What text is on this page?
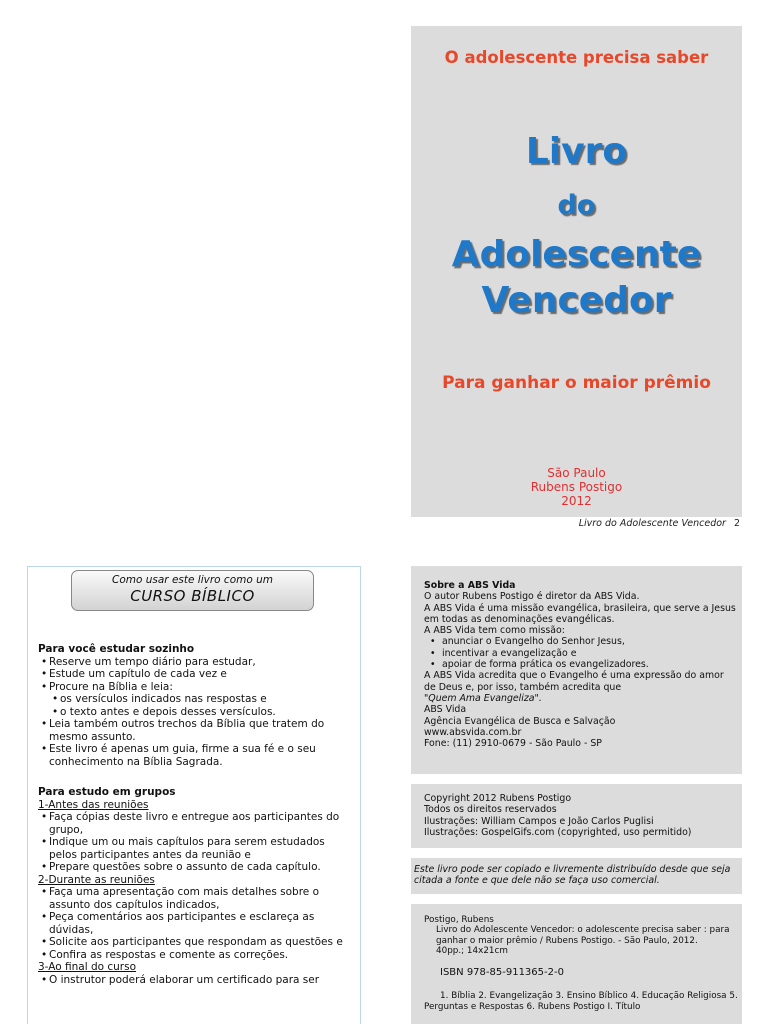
O adolescente precisa saber
Livro
do
Adolescente
Vencedor
Para ganhar o maior prêmio
São Paulo
Rubens Postigo
2012
Livro do Adolescente Vencedor 2
Como usar este livro como um
CURSO BÍBLICO
Para você estudar sozinho
• Reserve um tempo diário para estudar,
• Estude um capítulo de cada vez e
• Procure na Bíblia e leia:
• os versículos indicados nas respostas e
• o texto antes e depois desses versículos.
• Leia também outros trechos da Bíblia que tratem do mesmo assunto.
• Este livro é apenas um guia, firme a sua fé e o seu conhecimento na Bíblia Sagrada.
Para estudo em grupos
1-Antes das reuniões
• Faça cópias deste livro e entregue aos participantes do grupo,
• Indique um ou mais capítulos para serem estudados pelos participantes antes da reunião e
• Prepare questões sobre o assunto de cada capítulo.
2-Durante as reuniões
• Faça uma apresentação com mais detalhes sobre o assunto dos capítulos indicados,
• Peça comentários aos participantes e esclareça as dúvidas,
• Solicite aos participantes que respondam as questões e
• Confira as respostas e comente as correções.
3-Ao final do curso
• O instrutor poderá elaborar um certificado para ser
Sobre a ABS Vida
O autor Rubens Postigo é diretor da ABS Vida.
A ABS Vida é uma missão evangélica, brasileira, que serve a Jesus em todas as denominações evangélicas.
A ABS Vida tem como missão:
• anunciar o Evangelho do Senhor Jesus,
• incentivar a evangelização e
• apoiar de forma prática os evangelizadores.
A ABS Vida acredita que o Evangelho é uma expressão do amor de Deus e, por isso, também acredita que
"Quem Ama Evangeliza".
ABS Vida
Agência Evangélica de Busca e Salvação
www.absvida.com.br
Fone: (11) 2910-0679 - São Paulo - SP
Copyright 2012 Rubens Postigo
Todos os direitos reservados
Ilustrações: William Campos e João Carlos Puglisi
Ilustrações: GospelGifs.com (copyrighted, uso permitido)
Este livro pode ser copiado e livremente distribuído desde que seja citada a fonte e que dele não se faça uso comercial.
Postigo, Rubens
Livro do Adolescente Vencedor: o adolescente precisa saber : para ganhar o maior prêmio / Rubens Postigo. - São Paulo, 2012.
40pp.; 14x21cm
ISBN 978-85-911365-2-0
1. Bíblia 2. Evangelização 3. Ensino Bíblico 4. Educação Religiosa 5. Perguntas e Respostas 6. Rubens Postigo I. Título
